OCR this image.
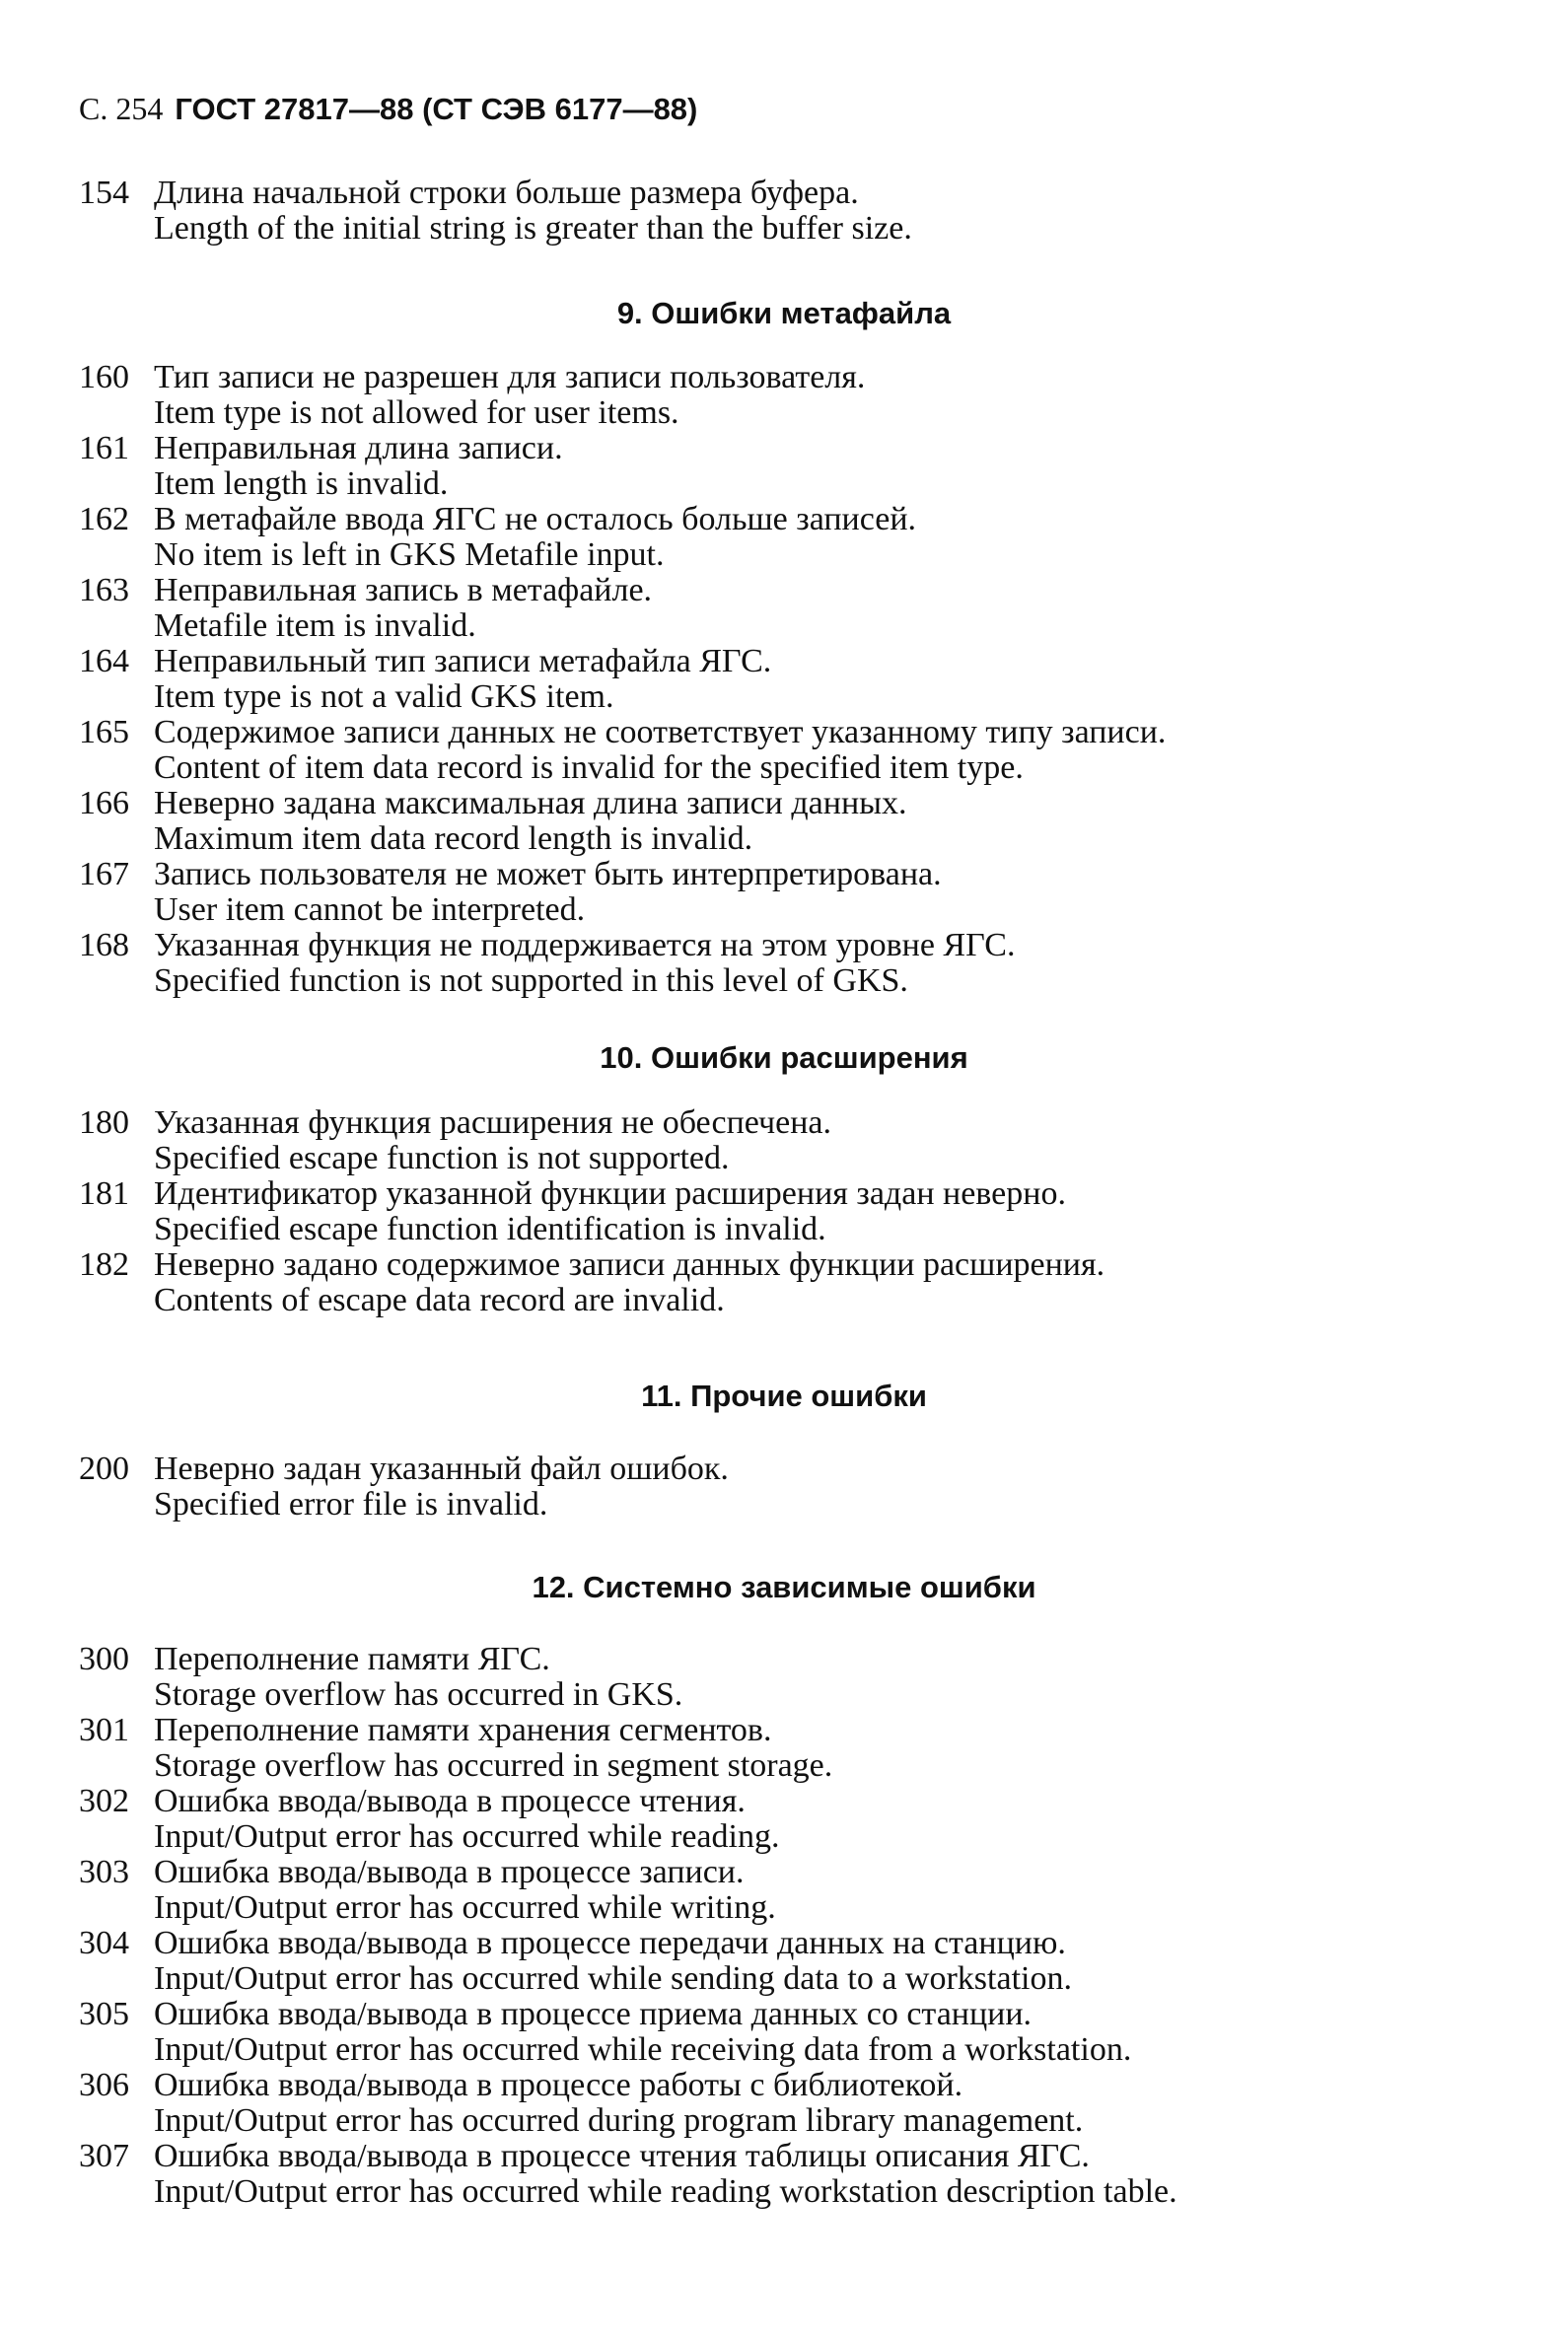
С. 254 ГОСТ 27817—88 (СТ СЭВ 6177—88)
9. Ошибки метафайла
10. Ошибки расширения
11. Прочие ошибки
12. Системно зависимые ошибки
154 Длина начальной строки больше размера буфера.
Length of the initial string is greater than the buffer size.
160 Тип записи не разрешен для записи пользователя.
Item type is not allowed for user items.
161 Неправильная длина записи.
Item length is invalid.
162 В метафайле ввода ЯГС не осталось больше записей.
No item is left in GKS Metafile input.
163 Неправильная запись в метафайле.
Metafile item is invalid.
164 Неправильный тип записи метафайла ЯГС.
Item type is not a valid GKS item.
165 Содержимое записи данных не соответствует указанному типу записи.
Content of item data record is invalid for the specified item type.
166 Неверно задана максимальная длина записи данных.
Maximum item data record length is invalid.
167 Запись пользователя не может быть интерпретирована.
User item cannot be interpreted.
168 Указанная функция не поддерживается на этом уровне ЯГС.
Specified function is not supported in this level of GKS.
180 Указанная функция расширения не обеспечена.
Specified escape function is not supported.
181 Идентификатор указанной функции расширения задан неверно.
Specified escape function identification is invalid.
182 Неверно задано содержимое записи данных функции расширения.
Contents of escape data record are invalid.
200 Неверно задан указанный файл ошибок.
Specified error file is invalid.
300 Переполнение памяти ЯГС.
Storage overflow has occurred in GKS.
301 Переполнение памяти хранения сегментов.
Storage overflow has occurred in segment storage.
302 Ошибка ввода/вывода в процессе чтения.
Input/Output error has occurred while reading.
303 Ошибка ввода/вывода в процессе записи.
Input/Output error has occurred while writing.
304 Ошибка ввода/вывода в процессе передачи данных на станцию.
Input/Output error has occurred while sending data to a workstation.
305 Ошибка ввода/вывода в процессе приема данных со станции.
Input/Output error has occurred while receiving data from a workstation.
306 Ошибка ввода/вывода в процессе работы с библиотекой.
Input/Output error has occurred during program library management.
307 Ошибка ввода/вывода в процессе чтения таблицы описания ЯГС.
Input/Output error has occurred while reading workstation description table.
